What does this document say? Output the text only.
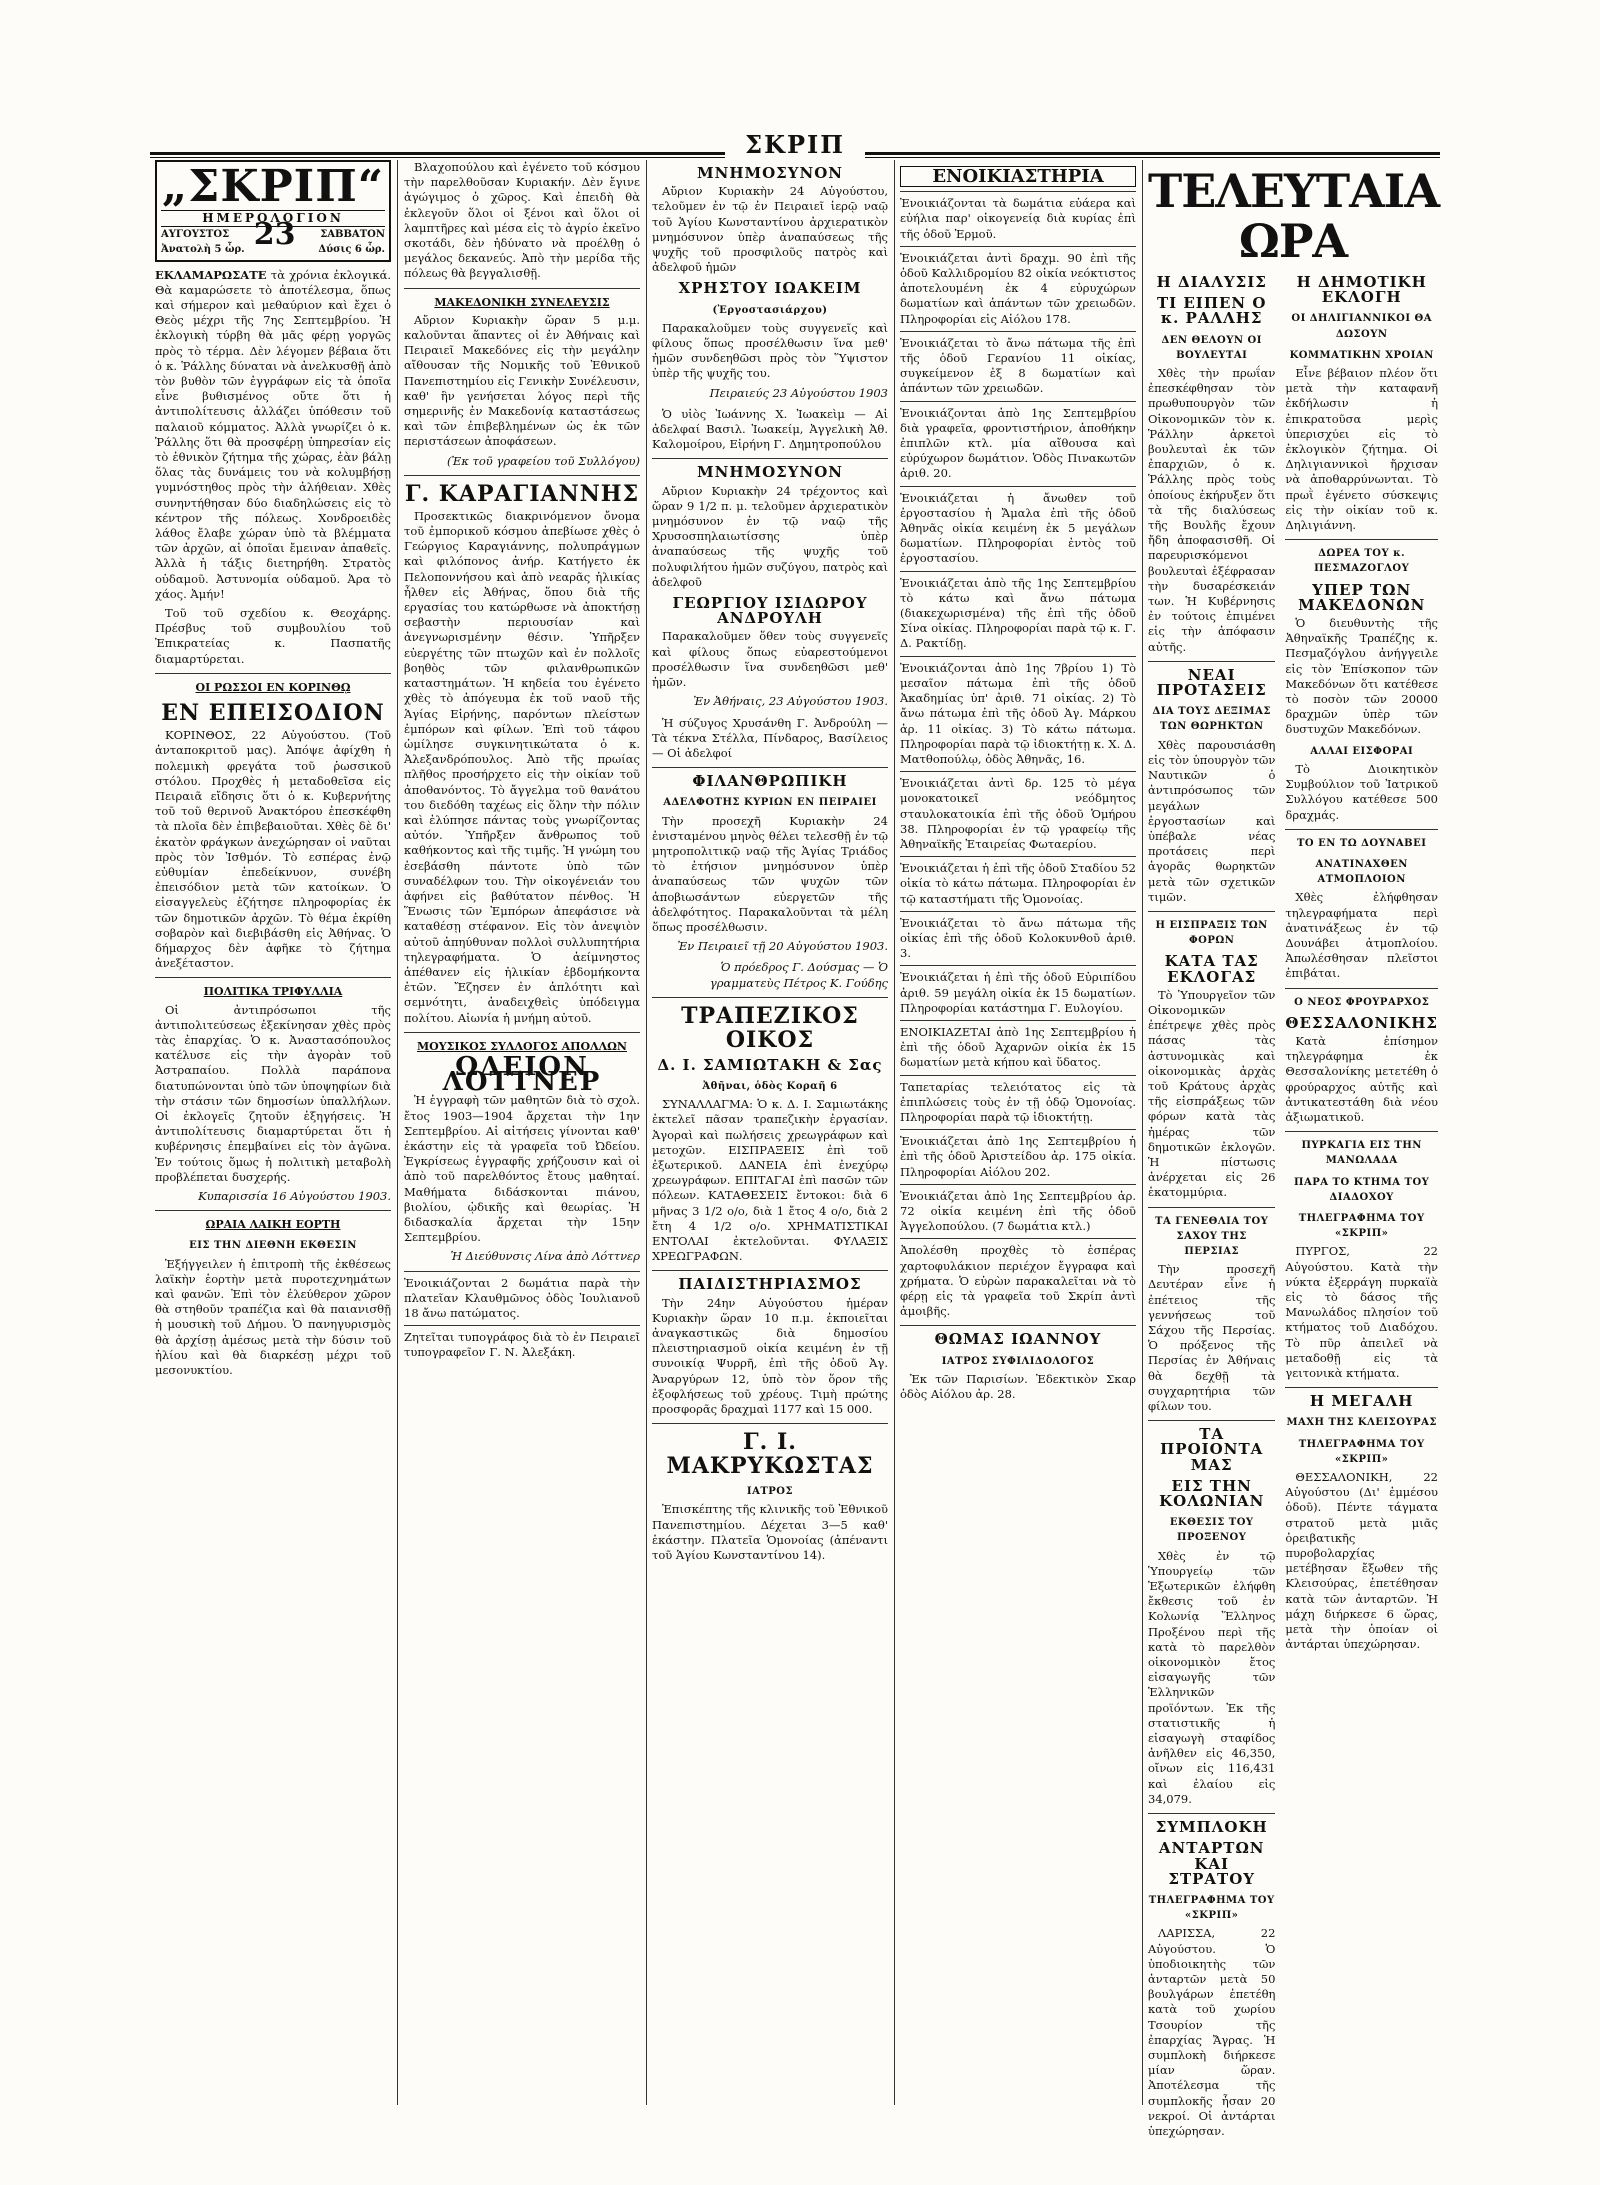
ΣΚΡΙΠ
„ΣΚΡΙΠ“
ΗΜΕΡΟΛΟΓΙΟΝ
ΑΥΓΟΥΣΤΟΣ 23 ΣΑΒΒΑΤΟΝ
Ἀνατολὴ 5 ὧρ.	Δύσις 6 ὧρ.

ΕΚΛΑΜΑΡΩΣΑΤΕ τὰ χρόνια ἐκλογικά. Θὰ καμαρώσετε τὸ ἀποτέλεσμα, ὅπως καὶ σήμερον καὶ μεθαύριον καὶ ἔχει ὁ Θεὸς μέχρι τῆς 7ης Σεπτεμβρίου. Ἡ ἐκλογικὴ τύρβη θὰ μᾶς φέρῃ γοργῶς πρὸς τὸ τέρμα. Δὲν λέγομεν βέβαια ὅτι ὁ κ. Ῥάλλης δύναται νὰ ἀνελκυσθῇ ἀπὸ τὸν βυθὸν τῶν ἐγγράφων εἰς τὰ ὁποῖα εἶνε βυθισμένος οὔτε ὅτι ἡ ἀντιπολίτευσις ἀλλάζει ὑπόθεσιν τοῦ παλαιοῦ κόμματος. Ἀλλὰ γνωρίζει ὁ κ. Ῥάλλης ὅτι θὰ προσφέρῃ ὑπηρεσίαν εἰς τὸ ἐθνικὸν ζήτημα τῆς χώρας, ἐὰν βάλῃ ὅλας τὰς δυνάμεις του νὰ κολυμβήσῃ γυμνόστηθος πρὸς τὴν ἀλήθειαν. Χθὲς συνηντήθησαν δύο διαδηλώσεις εἰς τὸ κέντρον τῆς πόλεως. Χονδροειδὲς λάθος ἔλαβε χώραν ὑπὸ τὰ βλέμματα τῶν ἀρχῶν, αἱ ὁποῖαι ἔμειναν ἀπαθεῖς. Ἀλλὰ ἡ τάξις διετηρήθη. Στρατὸς οὐδαμοῦ. Ἀστυνομία οὐδαμοῦ. Ἀρα τὸ χάος. Ἀμήν!

Τοῦ τοῦ σχεδίου κ. Θεοχάρης. Πρέσβυς τοῦ συμβουλίου τοῦ Ἐπικρατείας κ. Πασπατῆς διαμαρτύρεται.

ΟΙ ΡΩΣΣΟΙ ΕΝ ΚΟΡΙΝΘῼ
ΕΝ ΕΠΕΙΣΟΔΙΟΝ

ΚΟΡΙΝΘΟΣ, 22 Αὐγούστου. (Τοῦ ἀνταποκριτοῦ μας). Ἀπόψε ἀφίχθη ἡ πολεμικὴ φρεγάτα τοῦ ῥωσσικοῦ στόλου. Προχθὲς ἡ μεταδοθεῖσα εἰς Πειραιᾶ εἴδησις ὅτι ὁ κ. Κυβερνήτης τοῦ τοῦ θερινοῦ Ἀνακτόρου ἐπεσκέφθη τὰ πλοῖα δὲν ἐπιβεβαιοῦται. Χθὲς δὲ δι' ἑκατὸν φράγκων ἀνεχώρησαν οἱ ναῦται πρὸς τὸν Ἰσθμόν. Τὸ εσπέρας ἐνῷ εὐθυμίαν ἐπεδείκνυον, συνέβη ἐπεισόδιον μετὰ τῶν κατοίκων. Ὁ εἰσαγγελεὺς ἐζήτησε πληροφορίας ἐκ τῶν δημοτικῶν ἀρχῶν. Τὸ θέμα ἐκρίθη σοβαρὸν καὶ διεβιβάσθη εἰς Ἀθήνας. Ὁ δήμαρχος δὲν ἀφῆκε τὸ ζήτημα ἀνεξέταστον.

ΠΟΛΙΤΙΚΑ ΤΡΙΦΥΛΛΙΑ

Οἱ ἀντιπρόσωποι τῆς ἀντιπολιτεύσεως ἐξεκίνησαν χθὲς πρὸς τὰς ἐπαρχίας. Ὁ κ. Ἀναστασόπουλος κατέλυσε εἰς τὴν ἀγορὰν τοῦ Ἀστραπαίου. Πολλὰ παράπονα διατυπώνονται ὑπὸ τῶν ὑποψηφίων διὰ τὴν στάσιν τῶν δημοσίων ὑπαλλήλων. Οἱ ἐκλογεῖς ζητοῦν ἐξηγήσεις. Ἡ ἀντιπολίτευσις διαμαρτύρεται ὅτι ἡ κυβέρνησις ἐπεμβαίνει εἰς τὸν ἀγῶνα. Ἐν τούτοις ὅμως ἡ πολιτικὴ μεταβολὴ προβλέπεται δυσχερής.

Κυπαρισσία 16 Αὐγούστου 1903.
ΩΡΑΙΑ ΛΑΙΚΗ ΕΟΡΤΗ
ΕΙΣ ΤΗΝ ΔΙΕΘΝΗ ΕΚΘΕΣΙΝ

Ἐξήγγειλεν ἡ ἐπιτροπὴ τῆς ἐκθέσεως λαϊκὴν ἑορτὴν μετὰ πυροτεχνημάτων καὶ φανῶν. Ἐπὶ τὸν ἐλεύθερον χῶρον θὰ στηθοῦν τραπέζια καὶ θὰ παιανισθῇ ἡ μουσικὴ τοῦ Δήμου. Ὁ πανηγυρισμὸς θὰ ἀρχίσῃ ἀμέσως μετὰ τὴν δύσιν τοῦ ἡλίου καὶ θὰ διαρκέσῃ μέχρι τοῦ μεσονυκτίου.

Βλαχοπούλου καὶ ἐγένετο τοῦ κόσμου τὴν παρελθοῦσαν Κυριακήν. Δὲν ἔγινε ἀγώγιμος ὁ χῶρος. Καὶ ἐπειδὴ θὰ ἐκλεγοῦν ὅλοι οἱ ξένοι καὶ ὅλοι οἱ λαμπτῆρες καὶ μέσα εἰς τὸ ἀγρίο ἐκεῖνο σκοτάδι, δὲν ἠδύνατο νὰ προέλθῃ ὁ μεγάλος δεκανεύς. Ἀπὸ τὴν μερίδα τῆς πόλεως θὰ βεγγαλισθῇ.

ΜΑΚΕΔΟΝΙΚΗ ΣΥΝΕΛΕΥΣΙΣ

Αὔριον Κυριακὴν ὥραν 5 μ.μ. καλοῦνται ἅπαντες οἱ ἐν Ἀθήναις καὶ Πειραιεῖ Μακεδόνες εἰς τὴν μεγάλην αἴθουσαν τῆς Νομικῆς τοῦ Ἐθνικοῦ Πανεπιστημίου εἰς Γενικὴν Συνέλευσιν, καθ' ἣν γενήσεται λόγος περὶ τῆς σημερινῆς ἐν Μακεδονίᾳ καταστάσεως καὶ τῶν ἐπιβεβλημένων ὡς ἐκ τῶν περιστάσεων ἀποφάσεων.

(Ἐκ τοῦ γραφείου τοῦ Συλλόγου)
Γ. ΚΑΡΑΓΙΑΝΝΗΣ

Προσεκτικῶς διακρινόμενον ὄνομα τοῦ ἐμπορικοῦ κόσμου ἀπεβίωσε χθὲς ὁ Γεώργιος Καραγιάννης, πολυπράγμων καὶ φιλόπονος ἀνήρ. Κατήγετο ἐκ Πελοποννήσου καὶ ἀπὸ νεαρᾶς ἡλικίας ἦλθεν εἰς Ἀθήνας, ὅπου διὰ τῆς εργασίας του κατώρθωσε νὰ ἀποκτήσῃ σεβαστὴν περιουσίαν καὶ ἀνεγνωρισμένην θέσιν. Ὑπῆρξεν εὐεργέτης τῶν πτωχῶν καὶ ἐν πολλοῖς βοηθὸς τῶν φιλανθρωπικῶν καταστημάτων. Ἡ κηδεία του ἐγένετο χθὲς τὸ ἀπόγευμα ἐκ τοῦ ναοῦ τῆς Ἁγίας Εἰρήνης, παρόντων πλείστων ἐμπόρων καὶ φίλων. Ἐπὶ τοῦ τάφου ὡμίλησε συγκινητικώτατα ὁ κ. Ἀλεξανδρόπουλος. Ἀπὸ τῆς πρωίας πλῆθος προσήρχετο εἰς τὴν οἰκίαν τοῦ ἀποθανόντος. Τὸ ἄγγελμα τοῦ θανάτου του διεδόθη ταχέως εἰς ὅλην τὴν πόλιν καὶ ἐλύπησε πάντας τοὺς γνωρίζοντας αὐτόν. Ὑπῆρξεν ἄνθρωπος τοῦ καθήκοντος καὶ τῆς τιμῆς. Ἡ γνώμη του ἐσεβάσθη πάντοτε ὑπὸ τῶν συναδέλφων του. Τὴν οἰκογένειάν του ἀφήνει εἰς βαθύτατον πένθος. Ἡ Ἕνωσις τῶν Ἐμπόρων ἀπεφάσισε νὰ καταθέσῃ στέφανον. Εἰς τὸν ἀνεψιὸν αὐτοῦ ἀπηύθυναν πολλοὶ συλλυπητήρια τηλεγραφήματα. Ὁ ἀείμνηστος ἀπέθανεν εἰς ἡλικίαν ἑβδομήκοντα ἐτῶν. Ἔζησεν ἐν ἁπλότητι καὶ σεμνότητι, ἀναδειχθεὶς ὑπόδειγμα πολίτου. Αἰωνία ἡ μνήμη αὐτοῦ.

ΜΟΥΣΙΚΟΣ ΣΥΛΛΟΓΟΣ ΑΠΟΛΛΩΝ
ΩΔΕΙΟΝ ΛΟΤΤΝΕΡ

Ἡ ἐγγραφὴ τῶν μαθητῶν διὰ τὸ σχολ. ἔτος 1903—1904 ἄρχεται τὴν 1ην Σεπτεμβρίου. Αἱ αἰτήσεις γίνονται καθ' ἑκάστην εἰς τὰ γραφεῖα τοῦ Ὠδείου. Ἐγκρίσεως ἐγγραφῆς χρήζουσιν καὶ οἱ ἀπὸ τοῦ παρελθόντος ἔτους μαθηταί. Μαθήματα διδάσκονται πιάνου, βιολίου, ᾠδικῆς καὶ θεωρίας. Ἡ διδασκαλία ἄρχεται τὴν 15ην Σεπτεμβρίου.

Ἡ Διεύθυνσις Λίνα ἀπὸ Λόττνερ
Ἐνοικιάζονται 2 δωμάτια παρὰ τὴν πλατεῖαν Κλαυθμῶνος ὁδὸς Ἰουλιανοῦ 18 ἄνω πατώματος.
Ζητεῖται τυπογράφος διὰ τὸ ἐν Πειραιεῖ τυπογραφεῖον Γ. Ν. Ἀλεξάκη.
ΜΝΗΜΟΣΥΝΟΝ

Αὔριον Κυριακὴν 24 Αὐγούστου, τελοῦμεν ἐν τῷ ἐν Πειραιεῖ ἱερῷ ναῷ τοῦ Ἁγίου Κωνσταντίνου ἀρχιερατικὸν μνημόσυνον ὑπὲρ ἀναπαύσεως τῆς ψυχῆς τοῦ προσφιλοῦς πατρὸς καὶ ἀδελφοῦ ἡμῶν

ΧΡΗΣΤΟΥ ΙΩΑΚΕΙΜ
(Ἐργοστασιάρχου)

Παρακαλοῦμεν τοὺς συγγενεῖς καὶ φίλους ὅπως προσέλθωσιν ἵνα μεθ' ἡμῶν συνδεηθῶσι πρὸς τὸν Ὕψιστον ὑπὲρ τῆς ψυχῆς του.

Πειραιεύς 23 Αὐγούστου 1903

Ὁ υἱὸς Ἰωάννης Χ. Ἰωακεὶμ — Αἱ ἀδελφαί Βασιλ. Ἰωακείμ, Ἀγγελικὴ Ἀθ. Καλομοίρου, Εἰρήνη Γ. Δημητροπούλου

ΜΝΗΜΟΣΥΝΟΝ

Αὔριον Κυριακὴν 24 τρέχοντος καὶ ὥραν 9 1/2 π. μ. τελοῦμεν ἀρχιερατικὸν μνημόσυνον ἐν τῷ ναῷ τῆς Χρυσοσπηλαιωτίσσης ὑπὲρ ἀναπαύσεως τῆς ψυχῆς τοῦ πολυφιλήτου ἡμῶν συζύγου, πατρὸς καὶ ἀδελφοῦ

ΓΕΩΡΓΙΟΥ ΙΣΙΔΩΡΟΥ ΑΝΔΡΟΥΛΗ

Παρακαλοῦμεν ὅθεν τοὺς συγγενεῖς καὶ φίλους ὅπως εὐαρεστούμενοι προσέλθωσιν ἵνα συνδεηθῶσι μεθ' ἡμῶν.

Ἐν Ἀθήναις, 23 Αὐγούστου 1903.

Ἡ σύζυγος Χρυσάνθη Γ. Ἀνδρούλη — Τὰ τέκνα Στέλλα, Πίνδαρος, Βασίλειος — Οἱ ἀδελφοί

ΦΙΛΑΝΘΡΩΠΙΚΗ
ΑΔΕΛΦΟΤΗΣ ΚΥΡΙΩΝ ΕΝ ΠΕΙΡΑΙΕΙ

Τὴν προσεχῆ Κυριακὴν 24 ἐνισταμένου μηνὸς θέλει τελεσθῇ ἐν τῷ μητροπολιτικῷ ναῷ τῆς Ἁγίας Τριάδος τὸ ἐτήσιον μνημόσυνον ὑπὲρ ἀναπαύσεως τῶν ψυχῶν τῶν ἀποβιωσάντων εὐεργετῶν τῆς ἀδελφότητος. Παρακαλοῦνται τὰ μέλη ὅπως προσέλθωσιν.

Ἐν Πειραιεῖ τῇ 20 Αὐγούστου 1903.
Ὁ πρόεδρος Γ. Δούσμας — Ὁ γραμματεὺς Πέτρος Κ. Γούδης
ΤΡΑΠΕΖΙΚΟΣ ΟΙΚΟΣ
Δ. Ι. ΣΑΜΙΩΤΑΚΗ & Σας
Ἀθῆναι, ὁδὸς Κοραῆ 6

ΣΥΝΑΛΛΑΓΜΑ: Ὁ κ. Δ. Ι. Σαμιωτάκης ἐκτελεῖ πᾶσαν τραπεζικὴν ἐργασίαν. Ἀγοραὶ καὶ πωλήσεις χρεωγράφων καὶ μετοχῶν. ΕΙΣΠΡΑΞΕΙΣ ἐπὶ τοῦ ἐξωτερικοῦ. ΔΑΝΕΙΑ ἐπὶ ἐνεχύρῳ χρεωγράφων. ΕΠΙΤΑΓΑΙ ἐπὶ πασῶν τῶν πόλεων. ΚΑΤΑΘΕΣΕΙΣ ἔντοκοι: διὰ 6 μῆνας 3 1/2 ο/ο, διὰ 1 ἔτος 4 ο/ο, διὰ 2 ἔτη 4 1/2 ο/ο. ΧΡΗΜΑΤΙΣΤΙΚΑΙ ΕΝΤΟΛΑΙ ἐκτελοῦνται. ΦΥΛΑΞΙΣ ΧΡΕΩΓΡΑΦΩΝ.

ΠΑΙΔΙΣΤΗΡΙΑΣΜΟΣ

Τὴν 24ην Αὐγούστου ἡμέραν Κυριακὴν ὥραν 10 π.μ. ἐκποιεῖται ἀναγκαστικῶς διὰ δημοσίου πλειστηριασμοῦ οἰκία κειμένη ἐν τῇ συνοικίᾳ Ψυρρῆ, ἐπὶ τῆς ὁδοῦ Ἀγ. Ἀναργύρων 12, ὑπὸ τὸν ὅρον τῆς ἐξοφλήσεως τοῦ χρέους. Τιμὴ πρώτης προσφορᾶς δραχμαὶ 1177 καὶ 15 000.

Γ. Ι. ΜΑΚΡΥΚΩΣΤΑΣ
ΙΑΤΡΟΣ

Ἐπισκέπτης τῆς κλινικῆς τοῦ Ἐθνικοῦ Πανεπιστημίου. Δέχεται 3—5 καθ' ἑκάστην. Πλατεῖα Ὁμονοίας (ἀπέναντι τοῦ Ἁγίου Κωνσταντίνου 14).

ΕΝΟΙΚΙΑΣΤΗΡΙΑ
Ἐνοικιάζονται τὰ δωμάτια εὐάερα καὶ εὐήλια παρ' οἰκογενείᾳ διὰ κυρίας ἐπὶ τῆς ὁδοῦ Ἑρμοῦ.
Ἐνοικιάζεται ἀντὶ δραχμ. 90 ἐπὶ τῆς ὁδοῦ Καλλιδρομίου 82 οἰκία νεόκτιστος ἀποτελουμένη ἐκ 4 εὐρυχώρων δωματίων καὶ ἁπάντων τῶν χρειωδῶν. Πληροφορίαι εἰς Αἰόλου 178.
Ἐνοικιάζεται τὸ ἄνω πάτωμα τῆς ἐπὶ τῆς ὁδοῦ Γερανίου 11 οἰκίας, συγκείμενον ἐξ 8 δωματίων καὶ ἁπάντων τῶν χρειωδῶν.
Ἐνοικιάζονται ἀπὸ 1ης Σεπτεμβρίου διὰ γραφεῖα, φροντιστήριον, ἀποθήκην ἐπιπλῶν κτλ. μία αἴθουσα καὶ εὐρύχωρον δωμάτιον. Ὁδὸς Πινακωτῶν ἀριθ. 20.
Ἐνοικιάζεται ἡ ἄνωθεν τοῦ ἐργοστασίου ἡ Ἄμαλα ἐπὶ τῆς ὁδοῦ Ἀθηνᾶς οἰκία κειμένη ἐκ 5 μεγάλων δωματίων. Πληροφορίαι ἐντὸς τοῦ ἐργοστασίου.
Ἐνοικιάζεται ἀπὸ τῆς 1ης Σεπτεμβρίου τὸ κάτω καὶ ἄνω πάτωμα (διακεχωρισμένα) τῆς ἐπὶ τῆς ὁδοῦ Σίνα οἰκίας. Πληροφορίαι παρὰ τῷ κ. Γ. Δ. Ρακτίδῃ.
Ἐνοικιάζονται ἀπὸ 1ης 7βρίου 1) Τὸ μεσαῖον πάτωμα ἐπὶ τῆς ὁδοῦ Ἀκαδημίας ὑπ' ἀριθ. 71 οἰκίας. 2) Τὸ ἄνω πάτωμα ἐπὶ τῆς ὁδοῦ Ἀγ. Μάρκου ἀρ. 11 οἰκίας. 3) Τὸ κάτω πάτωμα. Πληροφορίαι παρὰ τῷ ἰδιοκτήτῃ κ. Χ. Δ. Ματθοπούλῳ, ὁδὸς Ἀθηνᾶς, 16.
Ἐνοικιάζεται ἀντὶ δρ. 125 τὸ μέγα μονοκατοικεῖ νεόδμητος σταυλοκατοικία ἐπὶ τῆς ὁδοῦ Ὁμήρου 38. Πληροφορίαι ἐν τῷ γραφείῳ τῆς Ἀθηναϊκῆς Ἑταιρείας Φωταερίου.
Ἐνοικιάζεται ἡ ἐπὶ τῆς ὁδοῦ Σταδίου 52 οἰκία τὸ κάτω πάτωμα. Πληροφορίαι ἐν τῷ καταστήματι τῆς Ὁμονοίας.
Ἐνοικιάζεται τὸ ἄνω πάτωμα τῆς οἰκίας ἐπὶ τῆς ὁδοῦ Κολοκυνθοῦ ἀριθ. 3.
Ἐνοικιάζεται ἡ ἐπὶ τῆς ὁδοῦ Εὐριπίδου ἀριθ. 59 μεγάλη οἰκία ἐκ 15 δωματίων. Πληροφορίαι κατάστημα Γ. Ευλογίου.
ΕΝΟΙΚΙΑΖΕΤΑΙ ἀπὸ 1ης Σεπτεμβρίου ἡ ἐπὶ τῆς ὁδοῦ Ἀχαρνῶν οἰκία ἐκ 15 δωματίων μετὰ κήπου καὶ ὕδατος.
Ταπεταρίας τελειότατος εἰς τὰ ἐπιπλώσεις τοὺς ἐν τῇ ὁδῷ Ὁμονοίας. Πληροφορίαι παρὰ τῷ ἰδιοκτήτῃ.
Ἐνοικιάζεται ἀπὸ 1ης Σεπτεμβρίου ἡ ἐπὶ τῆς ὁδοῦ Ἀριστείδου ἀρ. 175 οἰκία. Πληροφορίαι Αἰόλου 202.
Ἐνοικιάζεται ἀπὸ 1ης Σεπτεμβρίου ἀρ. 72 οἰκία κειμένη ἐπὶ τῆς ὁδοῦ Ἀγγελοπούλου. (7 δωμάτια κτλ.)
Ἀπολέσθη προχθὲς τὸ ἑσπέρας χαρτοφυλάκιον περιέχον ἔγγραφα καὶ χρήματα. Ὁ εὑρὼν παρακαλεῖται νὰ τὸ φέρῃ εἰς τὰ γραφεῖα τοῦ Σκρίπ ἀντὶ ἀμοιβῆς.
ΘΩΜΑΣ ΙΩΑΝΝΟΥ
ΙΑΤΡΟΣ ΣΥΦΙΛΙΔΟΛΟΓΟΣ

Ἐκ τῶν Παρισίων. Ἐδεκτικὸν Σκαρ ὁδὸς Αἰόλου ἀρ. 28.

ΤΕΛΕΥΤΑΙΑ ΩΡΑ
Η ΔΙΑΛΥΣΙΣ
ΤΙ ΕΙΠΕΝ Ο κ. ΡΑΛΛΗΣ
ΔΕΝ ΘΕΛΟΥΝ ΟΙ ΒΟΥΛΕΥΤΑΙ

Χθὲς τὴν πρωΐαν ἐπεσκέφθησαν τὸν πρωθυπουργὸν τῶν Οἰκονομικῶν τὸν κ. Ῥάλλην ἀρκετοὶ βουλευταὶ ἐκ τῶν ἐπαρχιῶν, ὁ κ. Ῥάλλης πρὸς τοὺς ὁποίους ἐκήρυξεν ὅτι τὰ τῆς διαλύσεως τῆς Βουλῆς ἔχουν ἤδη ἀποφασισθῆ. Οἱ παρευρισκόμενοι βουλευταὶ ἐξέφρασαν τὴν δυσαρέσκειάν των. Ἡ Κυβέρνησις ἐν τούτοις ἐπιμένει εἰς τὴν ἀπόφασιν αὐτῆς.

ΝΕΑΙ ΠΡΟΤΑΣΕΙΣ
ΔΙΑ ΤΟΥΣ ΔΕΞΙΜΑΣ ΤΩΝ ΘΩΡΗΚΤΩΝ

Χθὲς παρουσιάσθη εἰς τὸν ὑπουργὸν τῶν Ναυτικῶν ὁ ἀντιπρόσωπος τῶν μεγάλων ἐργοστασίων καὶ ὑπέβαλε νέας προτάσεις περὶ ἀγορᾶς θωρηκτῶν μετὰ τῶν σχετικῶν τιμῶν.

Η ΕΙΣΠΡΑΞΙΣ ΤΩΝ ΦΟΡΩΝ
ΚΑΤΑ ΤΑΣ ΕΚΛΟΓΑΣ

Τὸ Ὑπουργεῖον τῶν Οἰκονομικῶν ἐπέτρεψε χθὲς πρὸς πάσας τὰς ἀστυνομικὰς καὶ οἰκονομικὰς ἀρχὰς τοῦ Κράτους ἀρχὰς τῆς εἰσπράξεως τῶν φόρων κατὰ τὰς ἡμέρας τῶν δημοτικῶν ἐκλογῶν. Ἡ πίστωσις ἀνέρχεται εἰς 26 ἑκατομμύρια.

ΤΑ ΓΕΝΕΘΛΙΑ ΤΟΥ ΣΑΧΟΥ ΤΗΣ ΠΕΡΣΙΑΣ

Τὴν προσεχῆ Δευτέραν εἶνε ἡ ἐπέτειος τῆς γεννήσεως τοῦ Σάχου τῆς Περσίας. Ὁ πρόξενος τῆς Περσίας ἐν Ἀθήναις θὰ δεχθῇ τὰ συγχαρητήρια τῶν φίλων του.

ΤΑ ΠΡΟΙΟΝΤΑ ΜΑΣ
ΕΙΣ ΤΗΝ ΚΟΛΩΝΙΑΝ
ΕΚΘΕΣΙΣ ΤΟΥ ΠΡΟΞΕΝΟΥ

Χθὲς ἐν τῷ Ὑπουργείῳ τῶν Ἐξωτερικῶν ἐλήφθη ἔκθεσις τοῦ ἐν Κολωνίᾳ Ἕλληνος Προξένου περὶ τῆς κατὰ τὸ παρελθὸν οἰκονομικὸν ἔτος εἰσαγωγῆς τῶν Ἑλληνικῶν προϊόντων. Ἐκ τῆς στατιστικῆς ἡ εἰσαγωγὴ σταφίδος ἀνῆλθεν εἰς 46,350, οἴνων εἰς 116,431 καὶ ἐλαίου εἰς 34,079.

ΣΥΜΠΛΟΚΗ
ΑΝΤΑΡΤΩΝ ΚΑΙ ΣΤΡΑΤΟΥ
ΤΗΛΕΓΡΑΦΗΜΑ ΤΟΥ «ΣΚΡΙΠ»

ΛΑΡΙΣΣΑ, 22 Αὐγούστου. Ὁ ὑποδιοικητὴς τῶν ἀνταρτῶν μετὰ 50 βουλγάρων ἐπετέθη κατὰ τοῦ χωρίου Τσουρίον τῆς ἐπαρχίας Ἄγρας. Ἡ συμπλοκὴ διήρκεσε μίαν ὥραν. Ἀποτέλεσμα τῆς συμπλοκῆς ἦσαν 20 νεκροί. Οἱ ἀντάρται ὑπεχώρησαν.

Η ΔΗΜΟΤΙΚΗ ΕΚΛΟΓΗ
ΟΙ ΔΗΛΙΓΙΑΝΝΙΚΟΙ ΘΑ ΔΩΣΟΥΝ
ΚΟΜΜΑΤΙΚΗΝ ΧΡΟΙΑΝ

Εἶνε βέβαιον πλέον ὅτι μετὰ τὴν καταφανῆ ἐκδήλωσιν ἡ ἐπικρατοῦσα μερὶς ὑπερισχύει εἰς τὸ ἐκλογικὸν ζήτημα. Οἱ Δηλιγιαννικοὶ ἤρχισαν νὰ ἀποθαρρύνωνται. Τὸ πρωῒ ἐγένετο σύσκεψις εἰς τὴν οἰκίαν τοῦ κ. Δηλιγιάννη.

ΔΩΡΕΑ ΤΟΥ κ. ΠΕΣΜΑΖΟΓΛΟΥ
ΥΠΕΡ ΤΩΝ ΜΑΚΕΔΟΝΩΝ

Ὁ διευθυντὴς τῆς Ἀθηναϊκῆς Τραπέζης κ. Πεσμαζόγλου ἀνήγγειλε εἰς τὸν Ἐπίσκοπον τῶν Μακεδόνων ὅτι κατέθεσε τὸ ποσὸν τῶν 20000 δραχμῶν ὑπὲρ τῶν δυστυχῶν Μακεδόνων.

ΑΛΛΑΙ ΕΙΣΦΟΡΑΙ

Τὸ Διοικητικὸν Συμβούλιον τοῦ Ἰατρικοῦ Συλλόγου κατέθεσε 500 δραχμάς.

ΤΟ ΕΝ ΤΩ ΔΟΥΝΑΒΕΙ
ΑΝΑΤΙΝΑΧΘΕΝ ΑΤΜΟΠΛΟΙΟΝ

Χθὲς ἐλήφθησαν τηλεγραφήματα περὶ ἀνατινάξεως ἐν τῷ Δουνάβει ἀτμοπλοίου. Ἀπωλέσθησαν πλεῖστοι ἐπιβάται.

Ο ΝΕΟΣ ΦΡΟΥΡΑΡΧΟΣ
ΘΕΣΣΑΛΟΝΙΚΗΣ

Κατὰ ἐπίσημον τηλεγράφημα ἐκ Θεσσαλονίκης μετετέθη ὁ φρούραρχος αὐτῆς καὶ ἀντικατεστάθη διὰ νέου ἀξιωματικοῦ.

ΠΥΡΚΑΓΙΑ ΕΙΣ ΤΗΝ ΜΑΝΩΛΑΔΑ
ΠΑΡΑ ΤΟ ΚΤΗΜΑ ΤΟΥ ΔΙΑΔΟΧΟΥ
ΤΗΛΕΓΡΑΦΗΜΑ ΤΟΥ «ΣΚΡΙΠ»

ΠΥΡΓΟΣ, 22 Αὐγούστου. Κατὰ τὴν νύκτα ἐξερράγη πυρκαϊὰ εἰς τὸ δάσος τῆς Μανωλάδος πλησίον τοῦ κτήματος τοῦ Διαδόχου. Τὸ πῦρ ἀπειλεῖ νὰ μεταδοθῇ εἰς τὰ γειτονικὰ κτήματα.

Η ΜΕΓΑΛΗ
ΜΑΧΗ ΤΗΣ ΚΛΕΙΣΟΥΡΑΣ
ΤΗΛΕΓΡΑΦΗΜΑ ΤΟΥ «ΣΚΡΙΠ»

ΘΕΣΣΑΛΟΝΙΚΗ, 22 Αὐγούστου (Δι' ἐμμέσου ὁδοῦ). Πέντε τάγματα στρατοῦ μετὰ μιᾶς ὀρειβατικῆς πυροβολαρχίας μετέβησαν ἔξωθεν τῆς Κλεισούρας, ἐπετέθησαν κατὰ τῶν ἀνταρτῶν. Ἡ μάχη διήρκεσε 6 ὥρας, μετὰ τὴν ὁποίαν οἱ ἀντάρται ὑπεχώρησαν.
